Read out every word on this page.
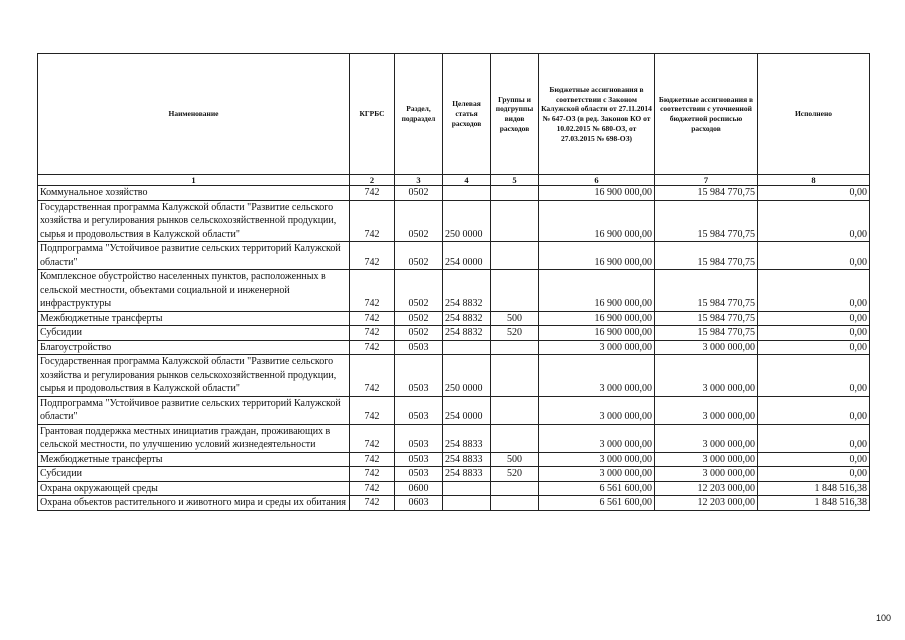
Наименование	КГРБС	Раздел, подраздел	Целевая статья расходов	Группы и подгруппы видов расходов	Бюджетные ассигнования в соответствии с Законом Калужской области от 27.11.2014 № 647-ОЗ (в ред. Законов КО от 10.02.2015 № 680-ОЗ, от 27.03.2015 № 698-ОЗ)	Бюджетные ассигнования в соответствии с уточненной бюджетной росписью расходов	Исполнено
1	2	3	4	5	6	7	8
Коммунальное хозяйство	742	0502			16 900 000,00	15 984 770,75	0,00
Государственная программа Калужской области "Развитие сельского хозяйства и регулирования рынков сельскохозяйственной продукции, сырья и продовольствия в Калужской области"	742	0502	250 0000		16 900 000,00	15 984 770,75	0,00
Подпрограмма "Устойчивое развитие сельских территорий Калужской области"	742	0502	254 0000		16 900 000,00	15 984 770,75	0,00
Комплексное обустройство населенных пунктов, расположенных в сельской местности, объектами социальной и инженерной инфраструктуры	742	0502	254 8832		16 900 000,00	15 984 770,75	0,00
Межбюджетные трансферты	742	0502	254 8832	500	16 900 000,00	15 984 770,75	0,00
Субсидии	742	0502	254 8832	520	16 900 000,00	15 984 770,75	0,00
Благоустройство	742	0503			3 000 000,00	3 000 000,00	0,00
Государственная программа Калужской области "Развитие сельского хозяйства и регулирования рынков сельскохозяйственной продукции, сырья и продовольствия в Калужской области"	742	0503	250 0000		3 000 000,00	3 000 000,00	0,00
Подпрограмма "Устойчивое развитие сельских территорий Калужской области"	742	0503	254 0000		3 000 000,00	3 000 000,00	0,00
Грантовая поддержка местных инициатив граждан, проживающих в сельской местности, по улучшению условий жизнедеятельности	742	0503	254 8833		3 000 000,00	3 000 000,00	0,00
Межбюджетные трансферты	742	0503	254 8833	500	3 000 000,00	3 000 000,00	0,00
Субсидии	742	0503	254 8833	520	3 000 000,00	3 000 000,00	0,00
Охрана окружающей среды	742	0600			6 561 600,00	12 203 000,00	1 848 516,38
Охрана объектов растительного и животного мира и среды их обитания	742	0603			6 561 600,00	12 203 000,00	1 848 516,38
100
